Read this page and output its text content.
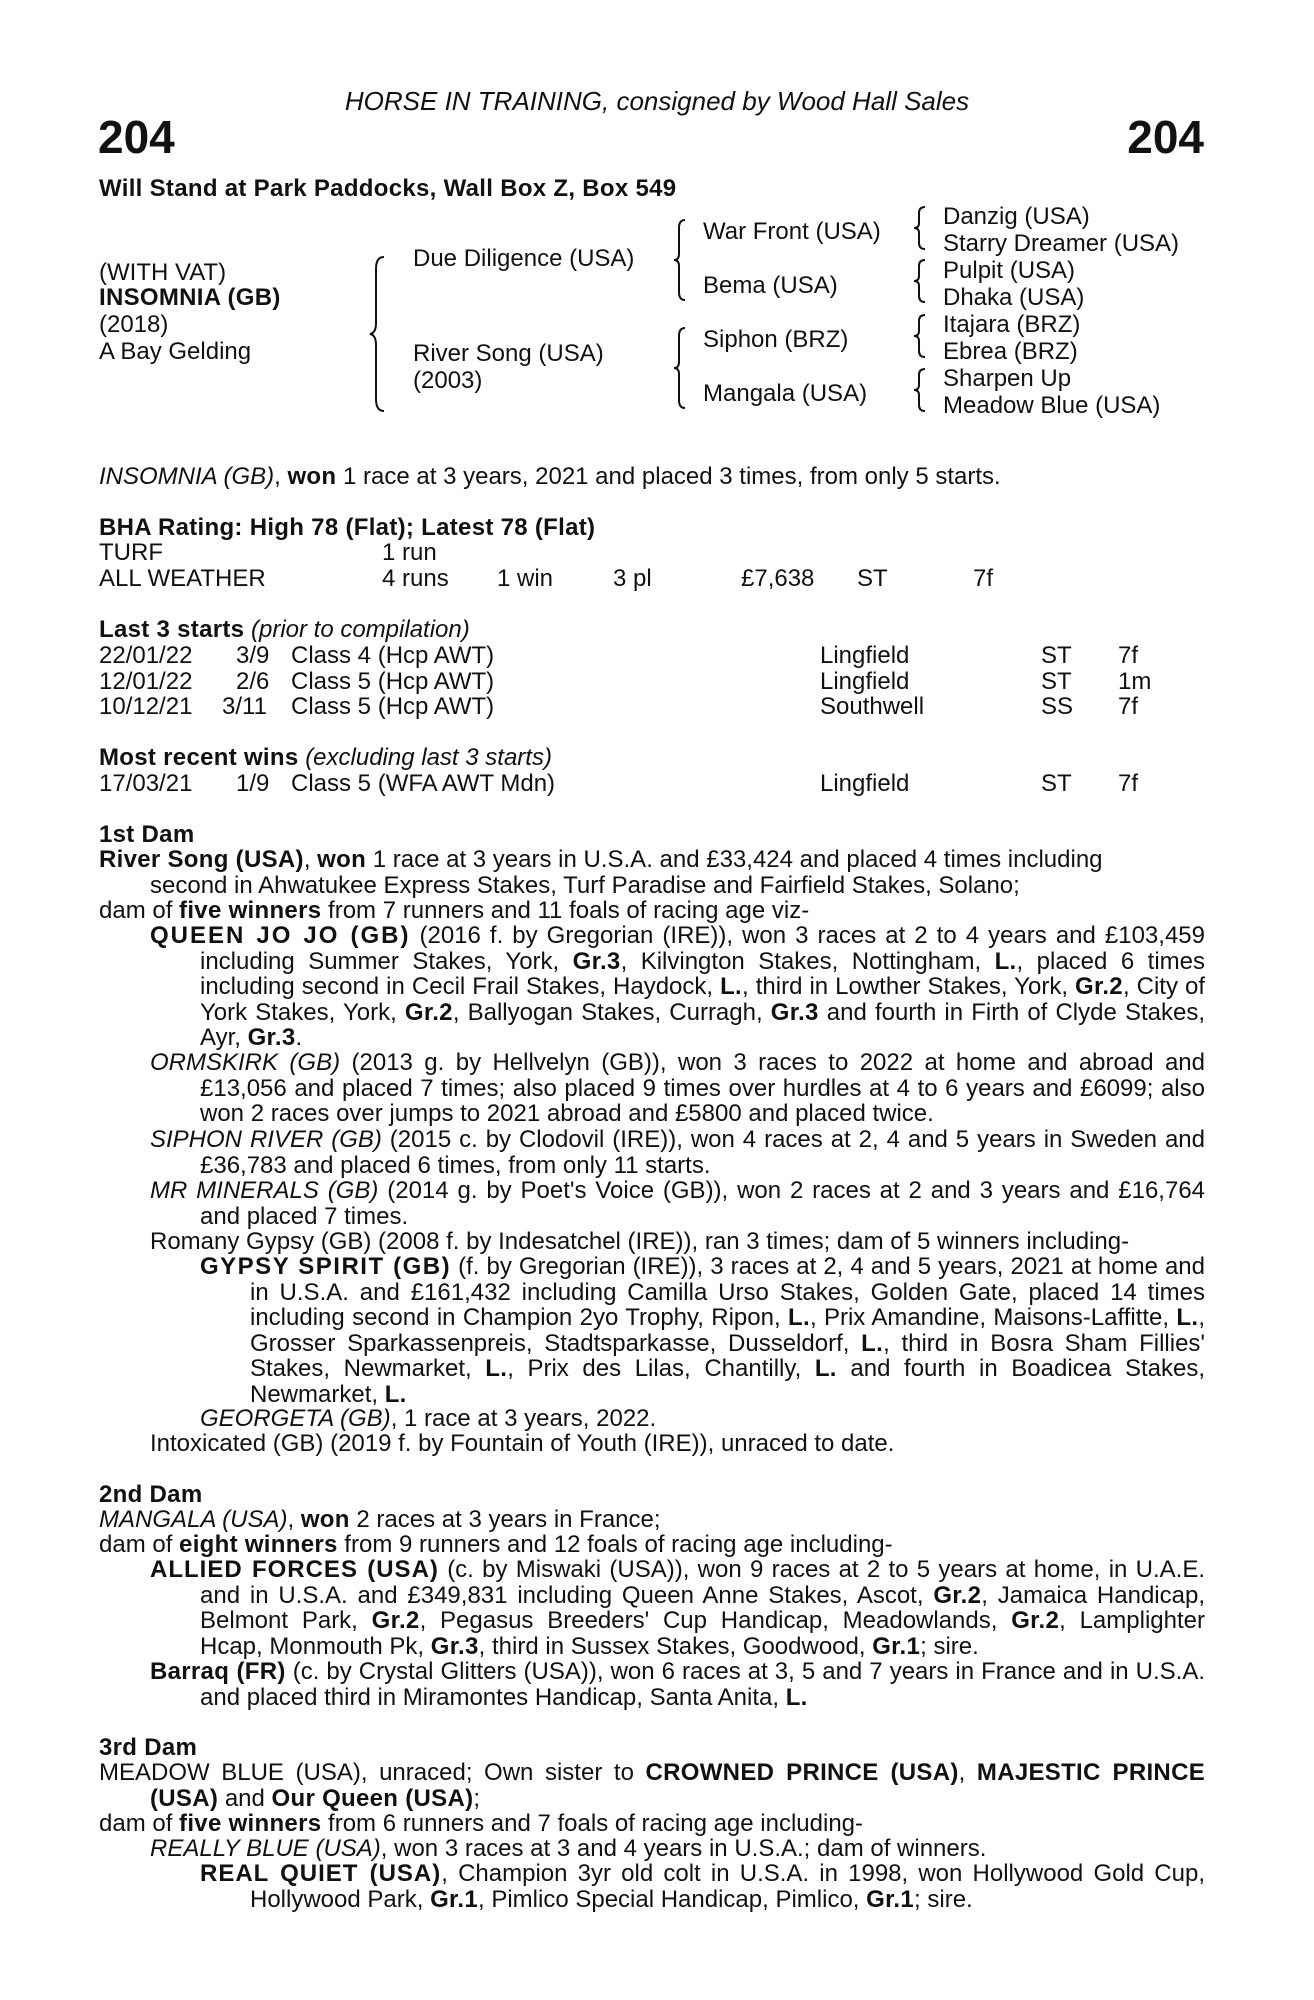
HORSE IN TRAINING, consigned by Wood Hall Sales
204	204
Will Stand at Park Paddocks, Wall Box Z, Box 549
(WITH VAT)
INSOMNIA (GB)
(2018)
A Bay Gelding
Due Diligence (USA)
River Song (USA)
(2003)
War Front (USA)
Bema (USA)
Siphon (BRZ)
Mangala (USA)
Danzig (USA)
Starry Dreamer (USA)
Pulpit (USA)
Dhaka (USA)
Itajara (BRZ)
Ebrea (BRZ)
Sharpen Up
Meadow Blue (USA)
INSOMNIA (GB), won 1 race at 3 years, 2021 and placed 3 times, from only 5 starts.
BHA Rating: High 78 (Flat); Latest 78 (Flat)
TURF	1 run
ALL WEATHER	4 runs 1 win 3 pl	£7,638 ST	7f
Last 3 starts (prior to compilation)
22/01/22 3/9 Class 4 (Hcp AWT)	Lingfield	ST 7f
12/01/22 2/6 Class 5 (Hcp AWT)	Lingfield	ST 1m
10/12/21 3/11 Class 5 (Hcp AWT)	Southwell	SS 7f
Most recent wins (excluding last 3 starts)
17/03/21 1/9 Class 5 (WFA AWT Mdn)	Lingfield	ST 7f
1st Dam
River Song (USA), won 1 race at 3 years in U.S.A. and £33,424 and placed 4 times including
second in Ahwatukee Express Stakes, Turf Paradise and Fairfield Stakes, Solano;
dam of five winners from 7 runners and 11 foals of racing age viz-
QUEEN JO JO (GB) (2016 f. by Gregorian (IRE)), won 3 races at 2 to 4 years and £103,459 including Summer Stakes, York, Gr.3, Kilvington Stakes, Nottingham, L., placed 6 times including second in Cecil Frail Stakes, Haydock, L., third in Lowther Stakes, York, Gr.2, City of York Stakes, York, Gr.2, Ballyogan Stakes, Curragh, Gr.3 and fourth in Firth of Clyde Stakes, Ayr, Gr.3.
ORMSKIRK (GB) (2013 g. by Hellvelyn (GB)), won 3 races to 2022 at home and abroad and £13,056 and placed 7 times; also placed 9 times over hurdles at 4 to 6 years and £6099; also won 2 races over jumps to 2021 abroad and £5800 and placed twice.
SIPHON RIVER (GB) (2015 c. by Clodovil (IRE)), won 4 races at 2, 4 and 5 years in Sweden and £36,783 and placed 6 times, from only 11 starts.
MR MINERALS (GB) (2014 g. by Poet's Voice (GB)), won 2 races at 2 and 3 years and £16,764 and placed 7 times.
Romany Gypsy (GB) (2008 f. by Indesatchel (IRE)), ran 3 times; dam of 5 winners including-
GYPSY SPIRIT (GB) (f. by Gregorian (IRE)), 3 races at 2, 4 and 5 years, 2021 at home and in U.S.A. and £161,432 including Camilla Urso Stakes, Golden Gate, placed 14 times including second in Champion 2yo Trophy, Ripon, L., Prix Amandine, Maisons-Laffitte, L., Grosser Sparkassenpreis, Stadtsparkasse, Dusseldorf, L., third in Bosra Sham Fillies' Stakes, Newmarket, L., Prix des Lilas, Chantilly, L. and fourth in Boadicea Stakes, Newmarket, L.
GEORGETA (GB), 1 race at 3 years, 2022.
Intoxicated (GB) (2019 f. by Fountain of Youth (IRE)), unraced to date.
2nd Dam
MANGALA (USA), won 2 races at 3 years in France;
dam of eight winners from 9 runners and 12 foals of racing age including-
ALLIED FORCES (USA) (c. by Miswaki (USA)), won 9 races at 2 to 5 years at home, in U.A.E. and in U.S.A. and £349,831 including Queen Anne Stakes, Ascot, Gr.2, Jamaica Handicap, Belmont Park, Gr.2, Pegasus Breeders' Cup Handicap, Meadowlands, Gr.2, Lamplighter Hcap, Monmouth Pk, Gr.3, third in Sussex Stakes, Goodwood, Gr.1; sire.
Barraq (FR) (c. by Crystal Glitters (USA)), won 6 races at 3, 5 and 7 years in France and in U.S.A. and placed third in Miramontes Handicap, Santa Anita, L.
3rd Dam
MEADOW BLUE (USA), unraced; Own sister to CROWNED PRINCE (USA), MAJESTIC PRINCE (USA) and Our Queen (USA);
dam of five winners from 6 runners and 7 foals of racing age including-
REALLY BLUE (USA), won 3 races at 3 and 4 years in U.S.A.; dam of winners.
REAL QUIET (USA), Champion 3yr old colt in U.S.A. in 1998, won Hollywood Gold Cup, Hollywood Park, Gr.1, Pimlico Special Handicap, Pimlico, Gr.1; sire.
